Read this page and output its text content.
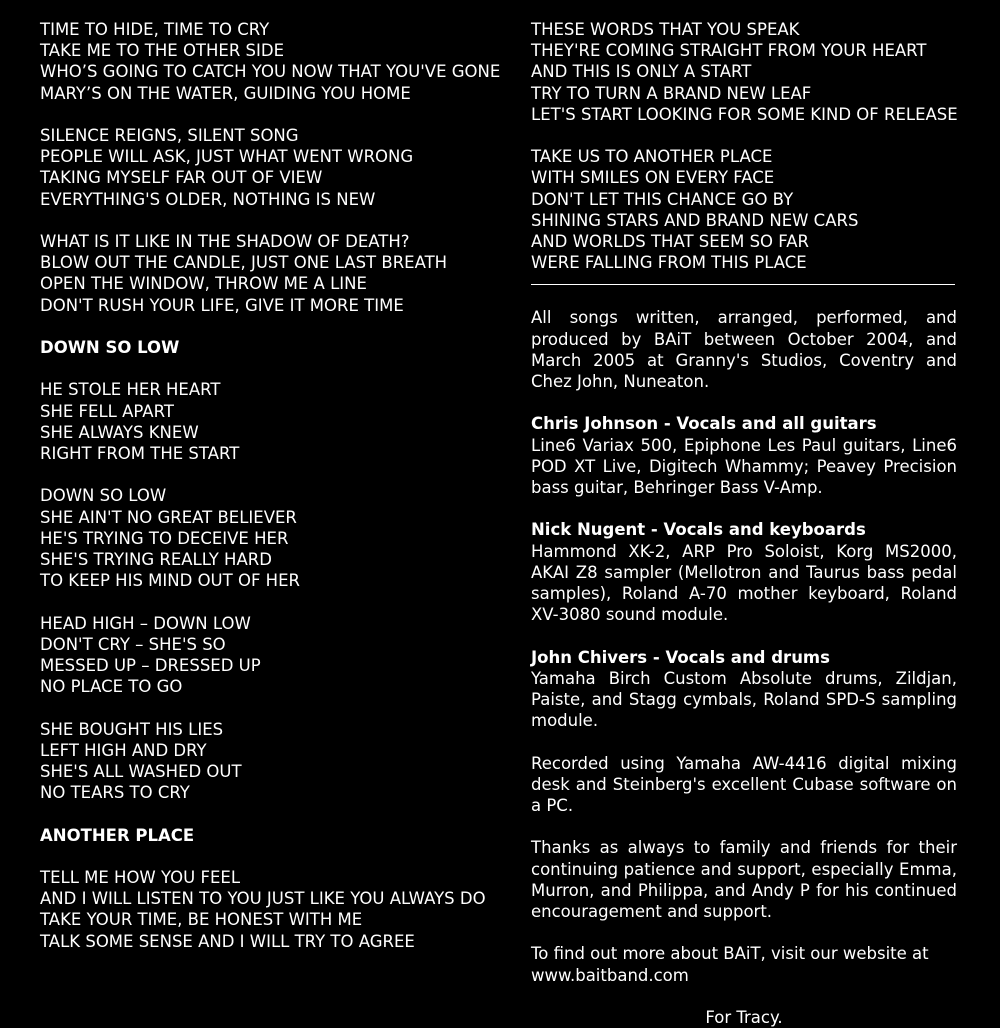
TIME TO HIDE, TIME TO CRY
TAKE ME TO THE OTHER SIDE
WHO’S GOING TO CATCH YOU NOW THAT YOU'VE GONE
MARY’S ON THE WATER, GUIDING YOU HOME
SILENCE REIGNS, SILENT SONG
PEOPLE WILL ASK, JUST WHAT WENT WRONG
TAKING MYSELF FAR OUT OF VIEW
EVERYTHING'S OLDER, NOTHING IS NEW
WHAT IS IT LIKE IN THE SHADOW OF DEATH?
BLOW OUT THE CANDLE, JUST ONE LAST BREATH
OPEN THE WINDOW, THROW ME A LINE
DON'T RUSH YOUR LIFE, GIVE IT MORE TIME
DOWN SO LOW
HE STOLE HER HEART
SHE FELL APART
SHE ALWAYS KNEW
RIGHT FROM THE START
DOWN SO LOW
SHE AIN'T NO GREAT BELIEVER
HE'S TRYING TO DECEIVE HER
SHE'S TRYING REALLY HARD
TO KEEP HIS MIND OUT OF HER
HEAD HIGH – DOWN LOW
DON'T CRY – SHE'S SO
MESSED UP – DRESSED UP
NO PLACE TO GO
SHE BOUGHT HIS LIES
LEFT HIGH AND DRY
SHE'S ALL WASHED OUT
NO TEARS TO CRY
ANOTHER PLACE
TELL ME HOW YOU FEEL
AND I WILL LISTEN TO YOU JUST LIKE YOU ALWAYS DO
TAKE YOUR TIME, BE HONEST WITH ME
TALK SOME SENSE AND I WILL TRY TO AGREE
THESE WORDS THAT YOU SPEAK
THEY'RE COMING STRAIGHT FROM YOUR HEART
AND THIS IS ONLY A START
TRY TO TURN A BRAND NEW LEAF
LET'S START LOOKING FOR SOME KIND OF RELEASE
TAKE US TO ANOTHER PLACE
WITH SMILES ON EVERY FACE
DON'T LET THIS CHANCE GO BY
SHINING STARS AND BRAND NEW CARS
AND WORLDS THAT SEEM SO FAR
WERE FALLING FROM THIS PLACE
All songs written, arranged, performed, and produced by BAiT between October 2004, and March 2005 at Granny's Studios, Coventry and Chez John, Nuneaton.
Chris Johnson - Vocals and all guitars
Line6 Variax 500, Epiphone Les Paul guitars, Line6 POD XT Live, Digitech Whammy; Peavey Precision bass guitar, Behringer Bass V-Amp.
Nick Nugent - Vocals and keyboards
Hammond XK-2, ARP Pro Soloist, Korg MS2000, AKAI Z8 sampler (Mellotron and Taurus bass pedal samples), Roland A-70 mother keyboard, Roland XV-3080 sound module.
John Chivers - Vocals and drums
Yamaha Birch Custom Absolute drums, Zildjan, Paiste, and Stagg cymbals, Roland SPD-S sampling module.
Recorded using Yamaha AW-4416 digital mixing desk and Steinberg's excellent Cubase software on a PC.
Thanks as always to family and friends for their continuing patience and support, especially Emma, Murron, and Philippa, and Andy P for his continued encouragement and support.
To find out more about BAiT, visit our website at
www.baitband.com
For Tracy.
